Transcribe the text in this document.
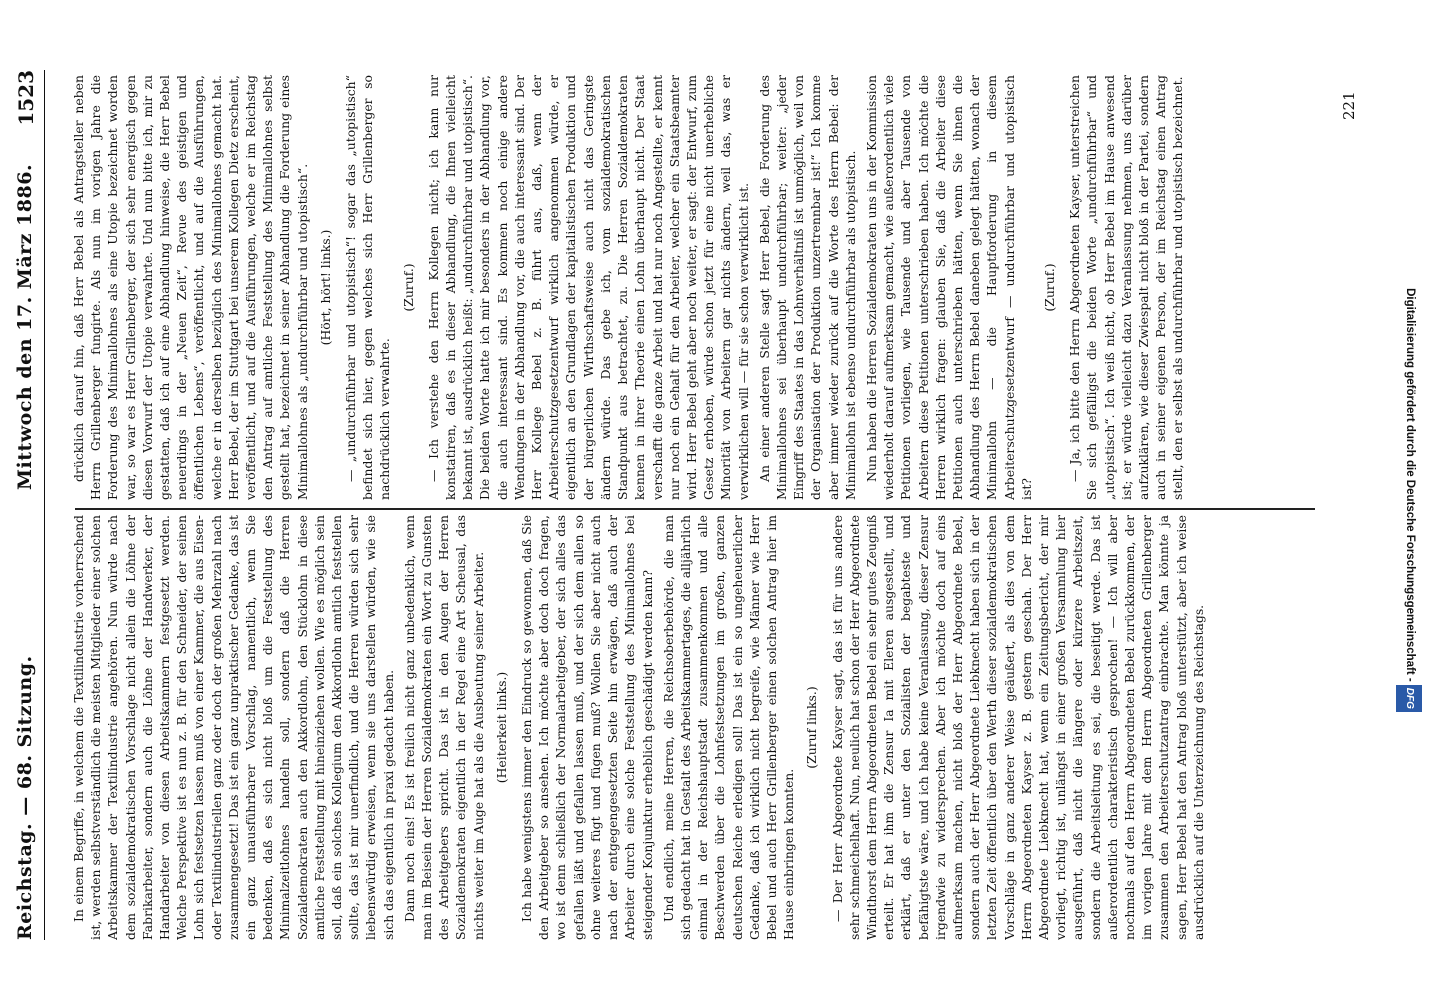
Reichstag. — 68. Sitzung.
Mittwoch den 17. März 1886.
1523

In einem Begriffe, in welchem die Textilindustrie vorherrschend ist, werden selbstverständlich die meisten Mitglieder einer solchen Arbeitskammer der Textilindustrie angehören. Nun würde nach dem sozialdemokratischen Vorschlage nicht allein die Löhne der Fabrikarbeiter, sondern auch die Löhne der Handwerker, der Handarbeiter von diesen Arbeitskammern festgesetzt werden. Welche Perspektive ist es nun z. B. für den Schneider, der seinen Lohn sich festsetzen lassen muß von einer Kammer, die aus Eisen- oder Textilindustriellen ganz oder doch der großen Mehrzahl nach zusammengesetzt! Das ist ein ganz unpraktischer Gedanke, das ist ein ganz unausführbarer Vorschlag, namentlich, wenn Sie bedenken, daß es sich nicht bloß um die Feststellung des Minimalzeitlohnes handeln soll, sondern daß die Herren Sozialdemokraten auch den Akkordlohn, den Stücklohn in diese amtliche Feststellung mit hineinziehen wollen. Wie es möglich sein soll, daß ein solches Kollegium den Akkordlohn amtlich feststellen sollte, das ist mir unerfindlich, und die Herren würden sich sehr liebenswürdig erweisen, wenn sie uns darstellen würden, wie sie sich das eigentlich in praxi gedacht haben. Dann noch eins! Es ist freilich nicht ganz unbedenklich, wenn man im Beisein der Herren Sozialdemokraten ein Wort zu Gunsten des Arbeitgebers spricht. Das ist in den Augen der Herren Sozialdemokraten eigentlich in der Regel eine Art Scheusal, das nichts weiter im Auge hat als die Ausbeutung seiner Arbeiter. (Heiterkeit links.) Ich habe wenigstens immer den Eindruck so gewonnen, daß Sie den Arbeitgeber so ansehen. Ich möchte aber doch doch fragen, wo ist denn schließlich der Normalarbeitgeber, der sich alles das gefallen läßt und gefallen lassen muß, und der sich dem allen so ohne weiteres fügt und fügen muß? Wollen Sie aber nicht auch nach der entgegengesetzten Seite hin erwägen, daß auch der Arbeiter durch eine solche Feststellung des Minimallohnes bei steigender Konjunktur erheblich geschädigt werden kann? Und endlich, meine Herren, die Reichsoberbehörde, die man sich gedacht hat in Gestalt des Arbeitskammertages, die alljährlich einmal in der Reichshauptstadt zusammenkommen und alle Beschwerden über die Lohnfestsetzungen im großen, ganzen deutschen Reiche erledigen soll! Das ist ein so ungeheuerlicher Gedanke, daß ich wirklich nicht begreife, wie Männer wie Herr Bebel und auch Herr Grillenberger einen solchen Antrag hier im Hause einbringen konnten.

(Zuruf links.) — Der Herr Abgeordnete Kayser sagt, das ist für uns andere sehr schmeichelhaft. Nun, neulich hat schon der Herr Abgeordnete Windthorst dem Herrn Abgeordneten Bebel ein sehr gutes Zeugniß erteilt. Er hat ihm die Zensur Ia mit Eleren ausgestellt, und erklärt, daß er unter den Sozialisten der begabteste und befähigtste wäre, und ich habe keine Veranlassung, dieser Zensur irgendwie zu widersprechen. Aber ich möchte doch auf eins aufmerksam machen, nicht bloß der Herr Abgeordnete Bebel, sondern auch der Herr Abgeordnete Liebknecht haben sich in der letzten Zeit öffentlich über den Werth dieser sozialdemokratischen Vorschläge in ganz anderer Weise geäußert, als dies von dem Herrn Abgeordneten Kayser z. B. gestern geschah. Der Herr Abgeordnete Liebknecht hat, wenn ein Zeitungsbericht, der mir vorliegt, richtig ist, unlängst in einer großen Versammlung hier ausgeführt, daß nicht die längere oder kürzere Arbeitszeit, sondern die Arbeitsleitung es sei, die beseitigt werde. Das ist außerordentlich charakteristisch gesprochen! — Ich will aber nochmals auf den Herrn Abgeordneten Bebel zurückkommen, der im vorigen Jahre mit dem Herrn Abgeordneten Grillenberger zusammen den Arbeiterschutzantrag einbrachte. Man könnte ja sagen, Herr Bebel hat den Antrag bloß unterstützt, aber ich weise ausdrücklich auf die Unterzeichnung des Reichstags.

drücklich darauf hin, daß Herr Bebel als Antragsteller neben Herrn Grillenberger fungirte. Als nun im vorigen Jahre die Forderung des Minimallohnes als eine Utopie bezeichnet worden war, so war es Herr Grillenberger, der sich sehr energisch gegen diesen Vorwurf der Utopie verwahrte. Und nun bitte ich, mir zu gestatten, daß ich auf eine Abhandlung hinweise, die Herr Bebel neuerdings in der „Neuen Zeit“, Revue des geistigen und öffentlichen Lebens“, veröffentlicht, und auf die Ausführungen, welche er in derselben bezüglich des Minimallohnes gemacht hat. Herr Bebel, der im Stuttgart bei unserem Kollegen Dietz erscheint, veröffentlicht, und auf die Ausführungen, welche er im Reichstag den Antrag auf amtliche Feststellung des Minimallohnes selbst gestellt hat, bezeichnet in seiner Abhandlung die Forderung eines Minimallohnes als „undurchführbar und utopistisch“. (Hört, hört! links.) — „undurchführbar und utopistisch“! sogar das „utopistisch“ befindet sich hier, gegen welches sich Herr Grillenberger so nachdrücklich verwahrte.

(Zuruf.) — Ich verstehe den Herrn Kollegen nicht; ich kann nur konstatiren, daß es in dieser Abhandlung, die Ihnen vielleicht bekannt ist, ausdrücklich heißt: „undurchführbar und utopistisch“. Die beiden Worte hatte ich mir besonders in der Abhandlung vor, die auch interessant sind. Es kommen noch einige andere Wendungen in der Abhandlung vor, die auch interessant sind. Der Herr Kollege Bebel z. B. führt aus, daß, wenn der Arbeiterschutzgesetzentwurf wirklich angenommen würde, er eigentlich an den Grundlagen der kapitalistischen Produktion und der bürgerlichen Wirthschaftsweise auch nicht das Geringste ändern würde. Das gebe ich, vom sozialdemokratischen Standpunkt aus betrachtet, zu. Die Herren Sozialdemokraten kennen in ihrer Theorie einen Lohn überhaupt nicht. Der Staat verschafft die ganze Arbeit und hat nur noch Angestellte, er kennt nur noch ein Gehalt für den Arbeiter, welcher ein Staatsbeamter wird. Herr Bebel geht aber noch weiter, er sagt: der Entwurf, zum Gesetz erhoben, würde schon jetzt für eine nicht unerhebliche Minorität von Arbeitern gar nichts ändern, weil das, was er verwirklichen will — für sie schon verwirklicht ist. An einer anderen Stelle sagt Herr Bebel, die Forderung des Minimallohnes sei überhaupt undurchführbar; weiter: „jeder Eingriff des Staates in das Lohnverhältniß ist unmöglich, weil von der Organisation der Produktion unzertrennbar ist!“ Ich komme aber immer wieder zurück auf die Worte des Herrn Bebel: der Minimallohn ist ebenso undurchführbar als utopistisch. Nun haben die Herren Sozialdemokraten uns in der Kommission wiederholt darauf aufmerksam gemacht, wie außerordentlich viele Petitionen vorliegen, wie Tausende und aber Tausende von Arbeitern diese Petitionen unterschrieben haben. Ich möchte die Herren wirklich fragen: glauben Sie, daß die Arbeiter diese Petitionen auch unterschrieben hätten, wenn Sie ihnen die Abhandlung des Herrn Bebel daneben gelegt hätten, wonach der Minimallohn — die Hauptforderung in diesem Arbeiterschutzgesetzentwurf — undurchführbar und utopistisch ist?

(Zuruf.) — Ja, ich bitte den Herrn Abgeordneten Kayser, unterstreichen Sie sich gefälligst die beiden Worte „undurchführbar“ und „utopistisch“. Ich weiß nicht, ob Herr Bebel im Hause anwesend ist; er würde vielleicht dazu Veranlassung nehmen, uns darüber aufzuklären, wie dieser Zwiespalt nicht bloß in der Partei, sondern auch in seiner eigenen Person, der im Reichstag einen Antrag stellt, den er selbst als undurchführbar und utopistisch bezeichnet.	221
Digitalisierung gefördert durch die Deutsche Forschungsgemeinschaft -DFG
